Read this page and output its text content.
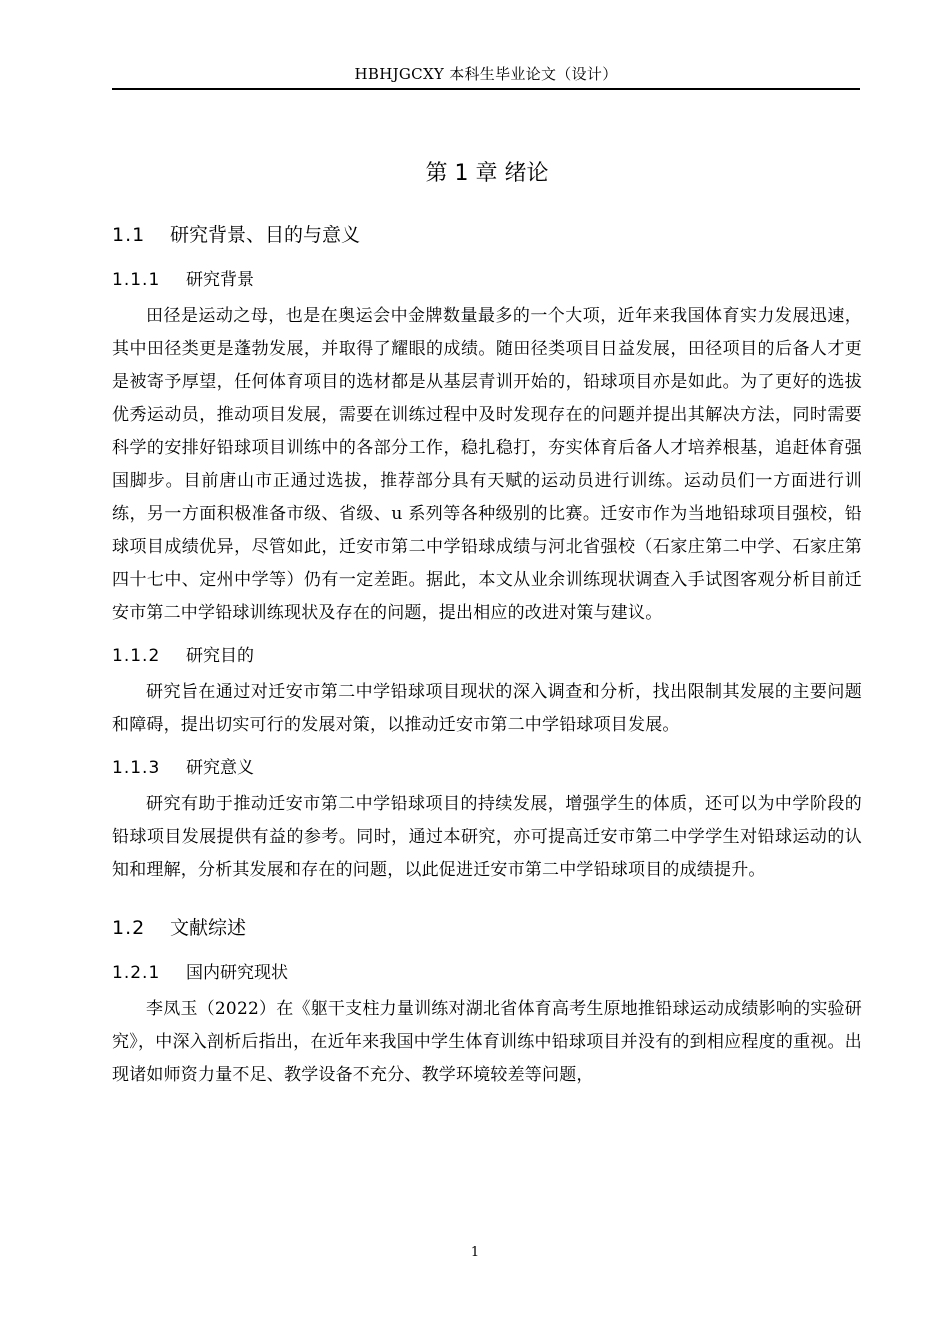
HBHJGCXY 本科生毕业论文（设计）
第 1 章 绪论
1.1 研究背景、目的与意义
1.1.1 研究背景

田径是运动之母，也是在奥运会中金牌数量最多的一个大项，近年来我国体育实力发展迅速，其中田径类更是蓬勃发展，并取得了耀眼的成绩。随田径类项目日益发展，田径项目的后备人才更是被寄予厚望，任何体育项目的选材都是从基层青训开始的，铅球项目亦是如此。为了更好的选拔优秀运动员，推动项目发展，需要在训练过程中及时发现存在的问题并提出其解决方法，同时需要科学的安排好铅球项目训练中的各部分工作，稳扎稳打，夯实体育后备人才培养根基，追赶体育强国脚步。目前唐山市正通过选拔，推荐部分具有天赋的运动员进行训练。运动员们一方面进行训练，另一方面积极准备市级、省级、u 系列等各种级别的比赛。迁安市作为当地铅球项目强校，铅球项目成绩优异，尽管如此，迁安市第二中学铅球成绩与河北省强校（石家庄第二中学、石家庄第四十七中、定州中学等）仍有一定差距。据此，本文从业余训练现状调查入手试图客观分析目前迁安市第二中学铅球训练现状及存在的问题，提出相应的改进对策与建议。

1.1.2 研究目的

研究旨在通过对迁安市第二中学铅球项目现状的深入调查和分析，找出限制其发展的主要问题和障碍，提出切实可行的发展对策，以推动迁安市第二中学铅球项目发展。

1.1.3 研究意义

研究有助于推动迁安市第二中学铅球项目的持续发展，增强学生的体质，还可以为中学阶段的铅球项目发展提供有益的参考。同时，通过本研究，亦可提高迁安市第二中学学生对铅球运动的认知和理解，分析其发展和存在的问题，以此促进迁安市第二中学铅球项目的成绩提升。

1.2 文献综述
1.2.1 国内研究现状

李凤玉（2022）在《躯干支柱力量训练对湖北省体育高考生原地推铅球运动成绩影响的实验研究》，中深入剖析后指出，在近年来我国中学生体育训练中铅球项目并没有的到相应程度的重视。出现诸如师资力量不足、教学设备不充分、教学环境较差等问题，

1
